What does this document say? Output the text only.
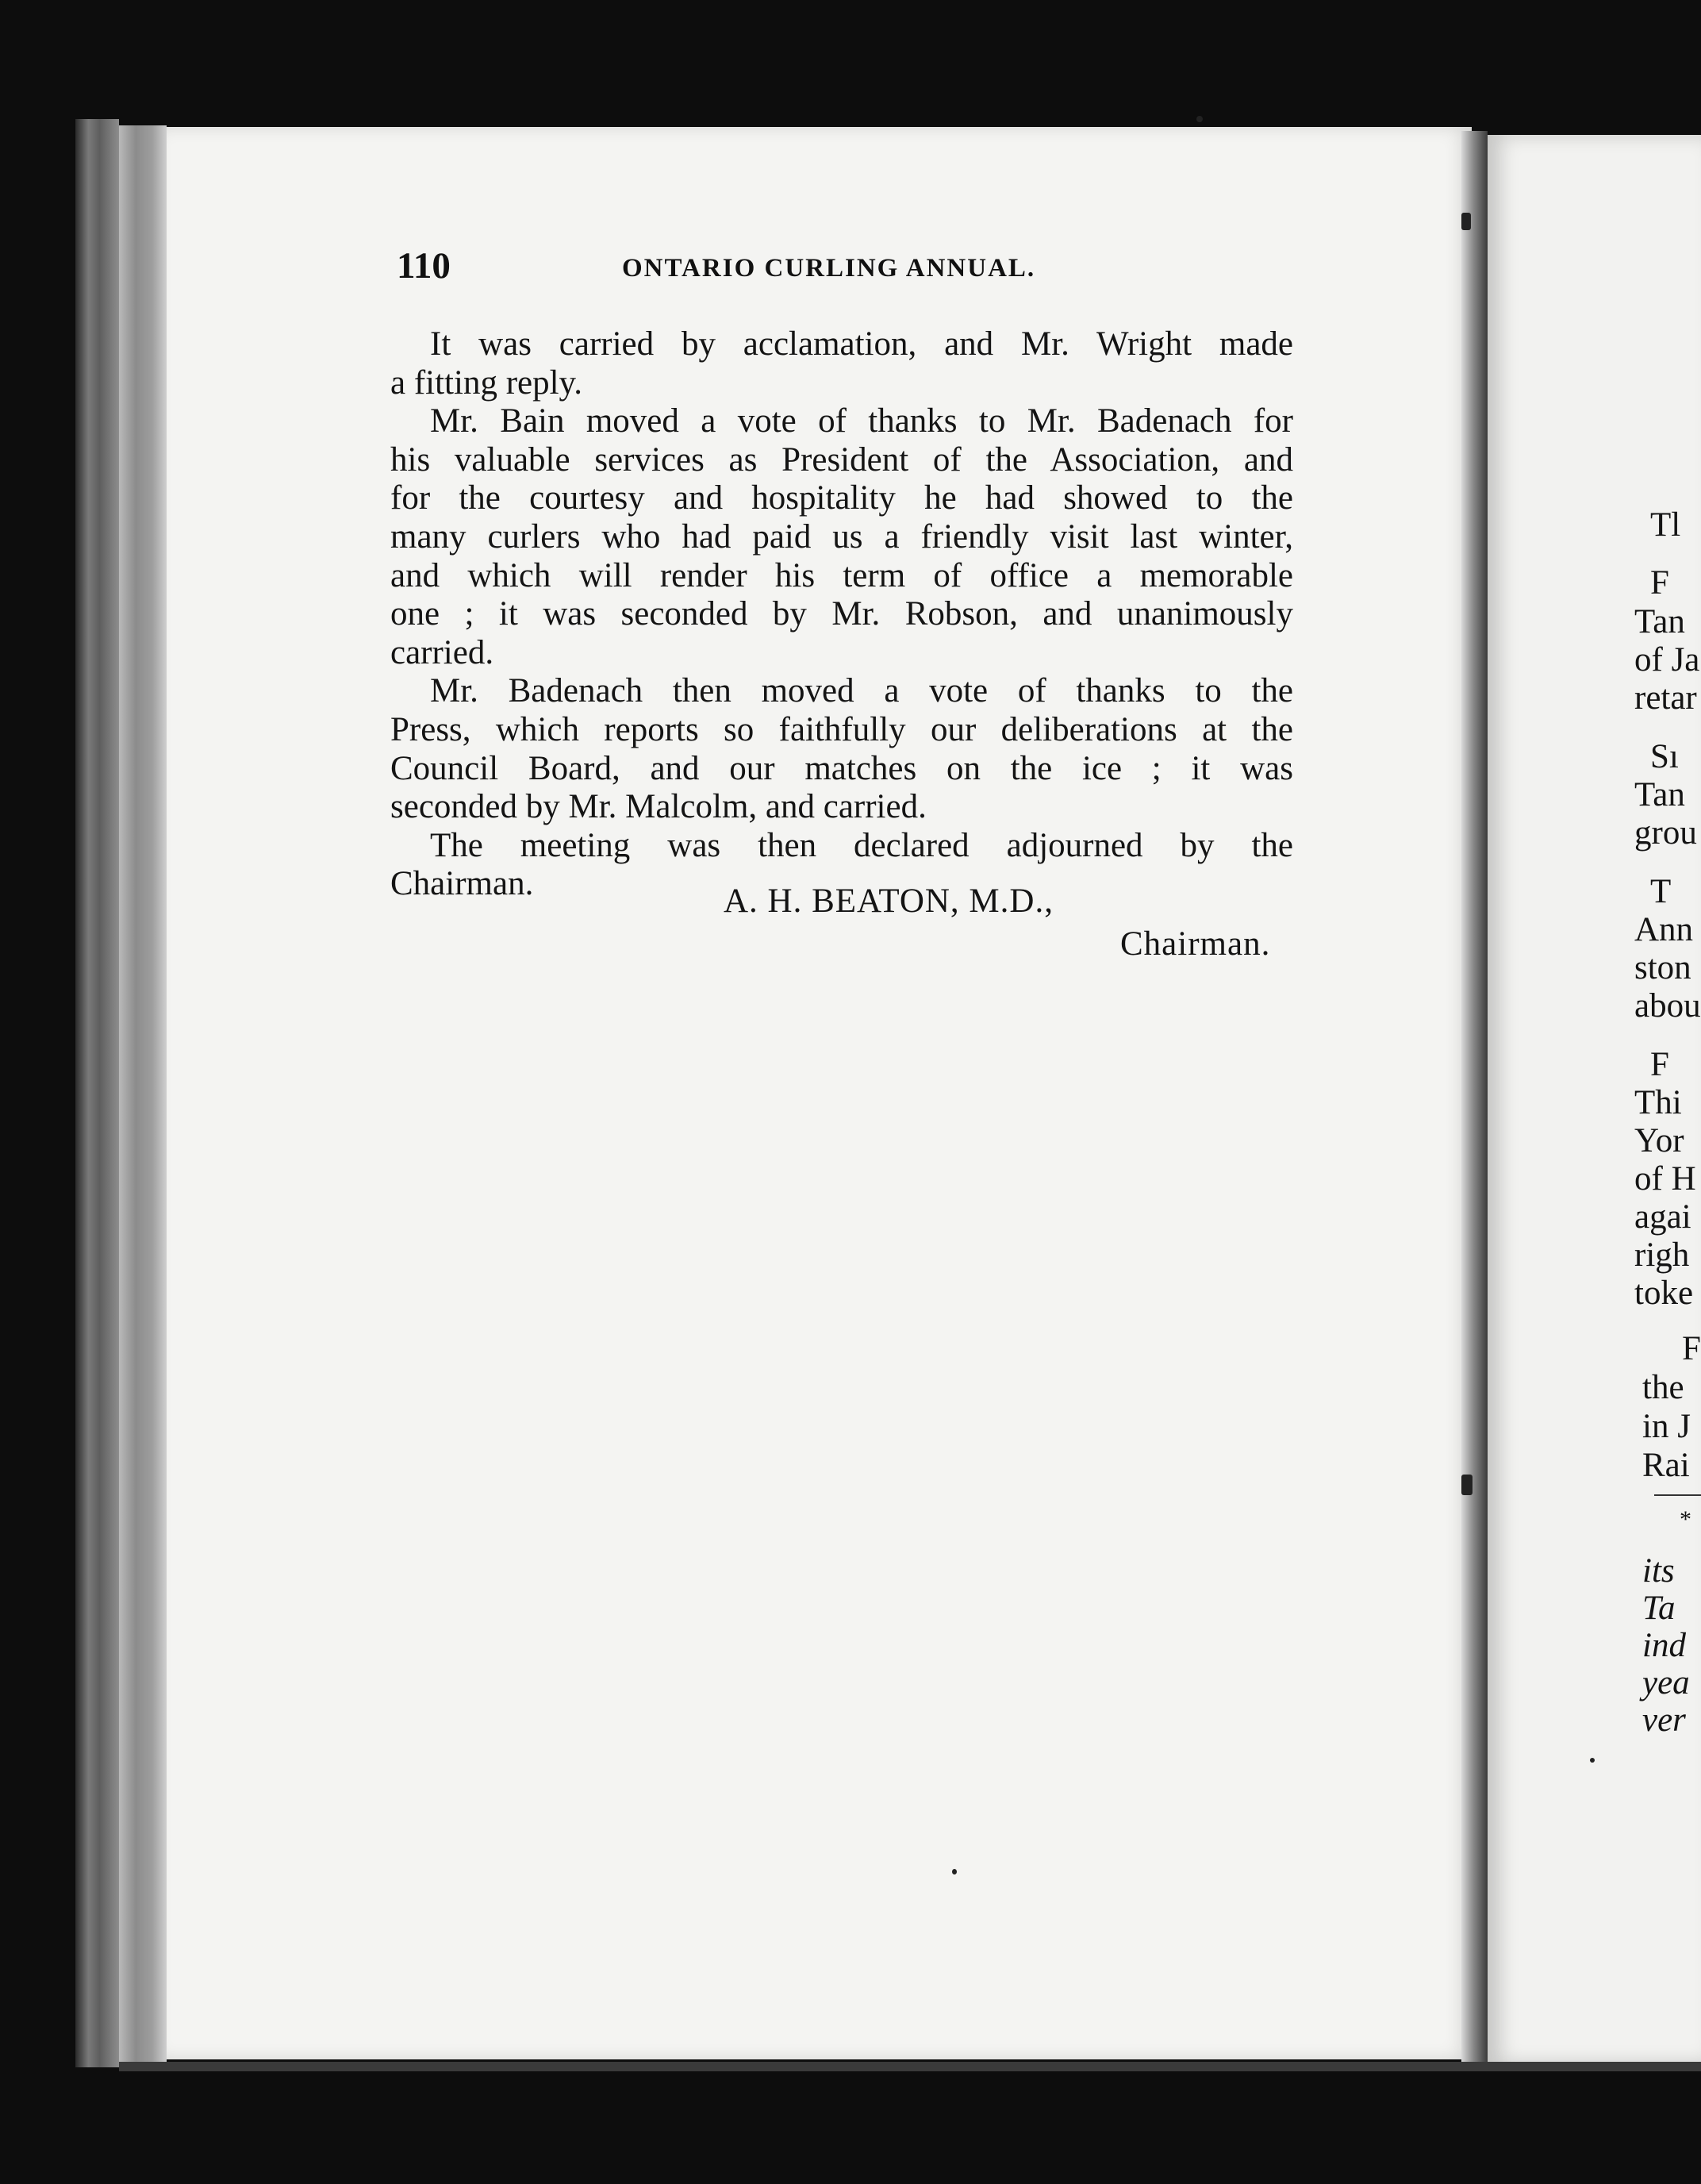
110	ONTARIO CURLING ANNUAL.

It was carried by acclamation, and Mr. Wright made
a fitting reply.

Mr. Bain moved a vote of thanks to Mr. Badenach for
his valuable services as President of the Association, and
for the courtesy and hospitality he had showed to the
many curlers who had paid us a friendly visit last winter,
and which will render his term of office a memorable
one ; it was seconded by Mr. Robson, and unanimously
carried.

Mr. Badenach then moved a vote of thanks to the
Press, which reports so faithfully our deliberations at the
Council Board, and our matches on the ice ; it was
seconded by Mr. Malcolm, and carried.

The meeting was then declared adjourned by the
Chairman.	A. H. BEATON, M.D.,
Chairman.
Tl
F
Tan
of Ja
retar
Sı
Tan
grou
T
Ann
ston
abou
F
Thi
Yor
of H
agai
righ
toke
F
the
in J
Rai
*
its
Ta
ind
yea
ver
